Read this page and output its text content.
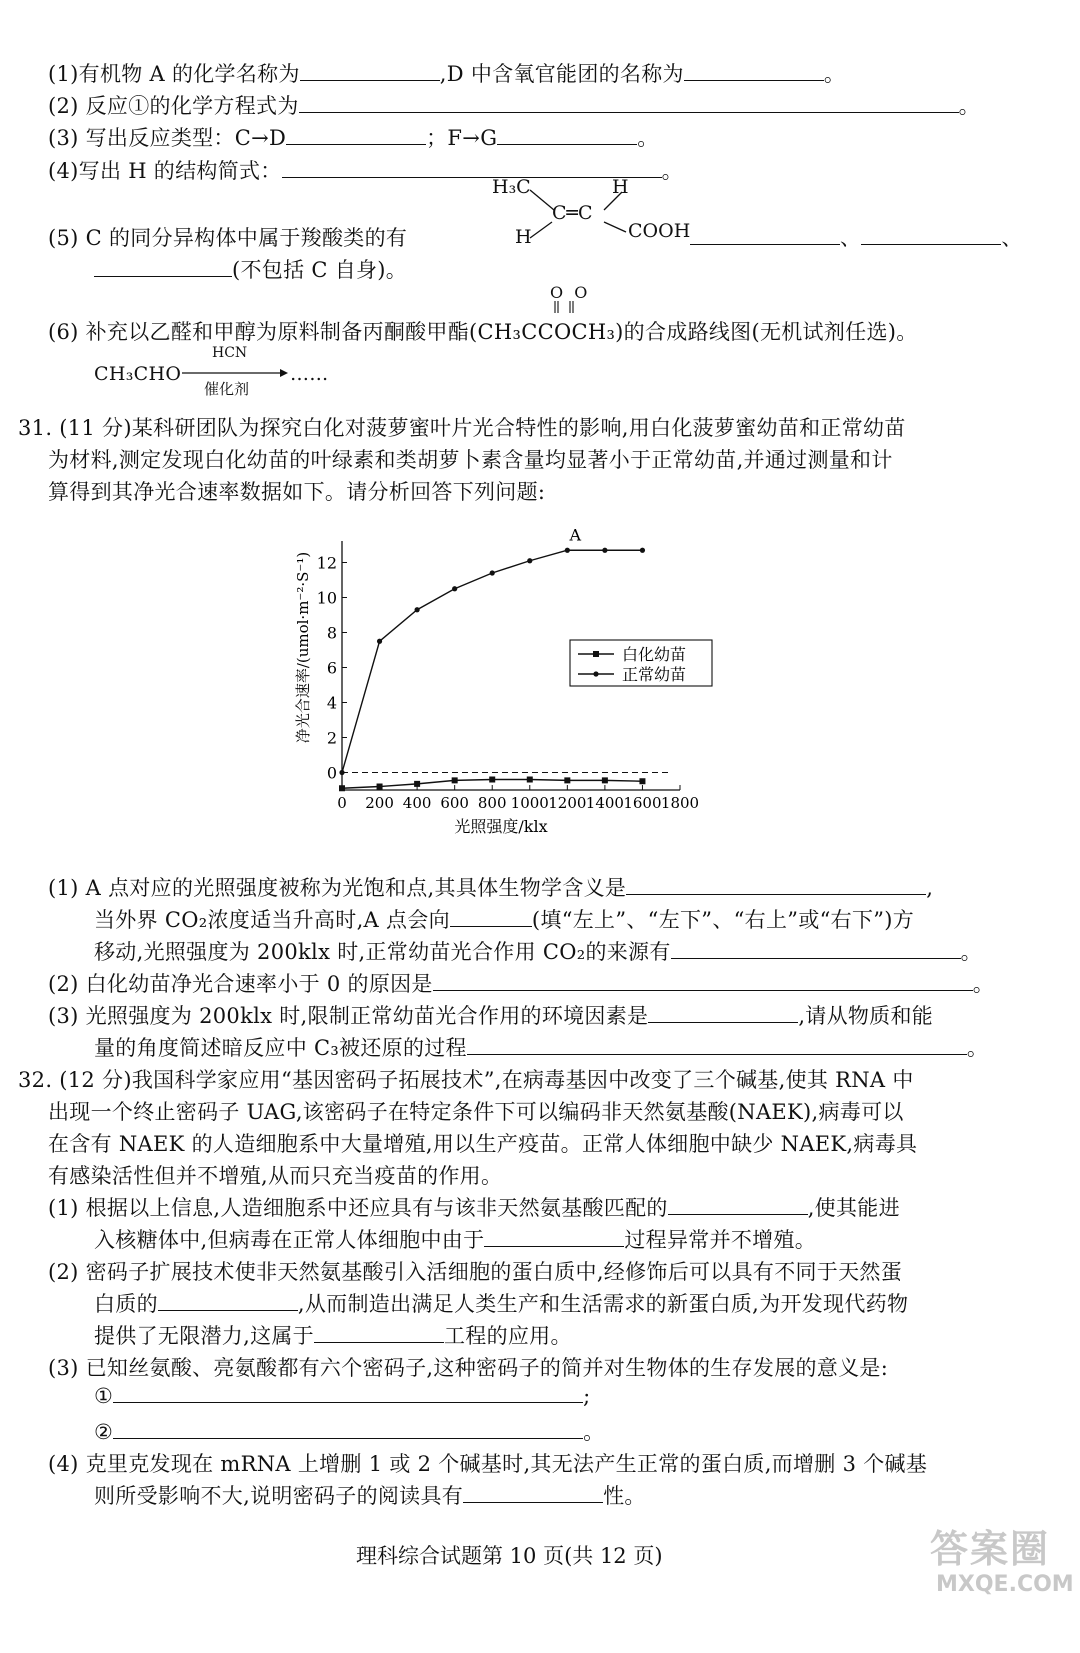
(1)有机物 A 的化学名称为	,D 中含氧官能团的名称为	。
(2) 反应①的化学方程式为	。
(3) 写出反应类型：C→D	；F→G	。
(4)写出 H 的结构简式：	。
H₃C	H
C═C
H	COOH
(5) C 的同分异构体中属于羧酸类的有	、	、
(不包括 C 自身)。
O O
(6) 补充以乙醛和甲醇为原料制备丙酮酸甲酯(CH₃CCOCH₃)的合成路线图(无机试剂任选)。
CH₃CHO
HCN
催化剂
……
31. (11 分)某科研团队为探究白化对菠萝蜜叶片光合特性的影响,用白化菠萝蜜幼苗和正常幼苗
为材料,测定发现白化幼苗的叶绿素和类胡萝卜素含量均显著小于正常幼苗,并通过测量和计
算得到其净光合速率数据如下。请分析回答下列问题:
0
2
4
6
8
10
12
0 200 400 600 800 1000 1200 1400 1600 1800
光照强度/klx
净光合速率/(umol·m⁻²·S⁻¹)
A
白化幼苗
正常幼苗
(1) A 点对应的光照强度被称为光饱和点,其具体生物学含义是	,
当外界 CO₂浓度适当升高时,A 点会向	(填“左上”、“左下”、“右上”或“右下”)方
移动,光照强度为 200klx 时,正常幼苗光合作用 CO₂的来源有	。
(2) 白化幼苗净光合速率小于 0 的原因是	。
(3) 光照强度为 200klx 时,限制正常幼苗光合作用的环境因素是	,请从物质和能
量的角度简述暗反应中 C₃被还原的过程	。
32. (12 分)我国科学家应用“基因密码子拓展技术”,在病毒基因中改变了三个碱基,使其 RNA 中
出现一个终止密码子 UAG,该密码子在特定条件下可以编码非天然氨基酸(NAEK),病毒可以
在含有 NAEK 的人造细胞系中大量增殖,用以生产疫苗。正常人体细胞中缺少 NAEK,病毒具
有感染活性但并不增殖,从而只充当疫苗的作用。
(1) 根据以上信息,人造细胞系中还应具有与该非天然氨基酸匹配的	,使其能进
入核糖体中,但病毒在正常人体细胞中由于	过程异常并不增殖。
(2) 密码子扩展技术使非天然氨基酸引入活细胞的蛋白质中,经修饰后可以具有不同于天然蛋
白质的	,从而制造出满足人类生产和生活需求的新蛋白质,为开发现代药物
提供了无限潜力,这属于	工程的应用。
(3) 已知丝氨酸、亮氨酸都有六个密码子,这种密码子的简并对生物体的生存发展的意义是:
①	;
②	。
(4) 克里克发现在 mRNA 上增删 1 或 2 个碱基时,其无法产生正常的蛋白质,而增删 3 个碱基
则所受影响不大,说明密码子的阅读具有	性。
理科综合试题第 10 页(共 12 页)	答案圈
MXQE.COM
